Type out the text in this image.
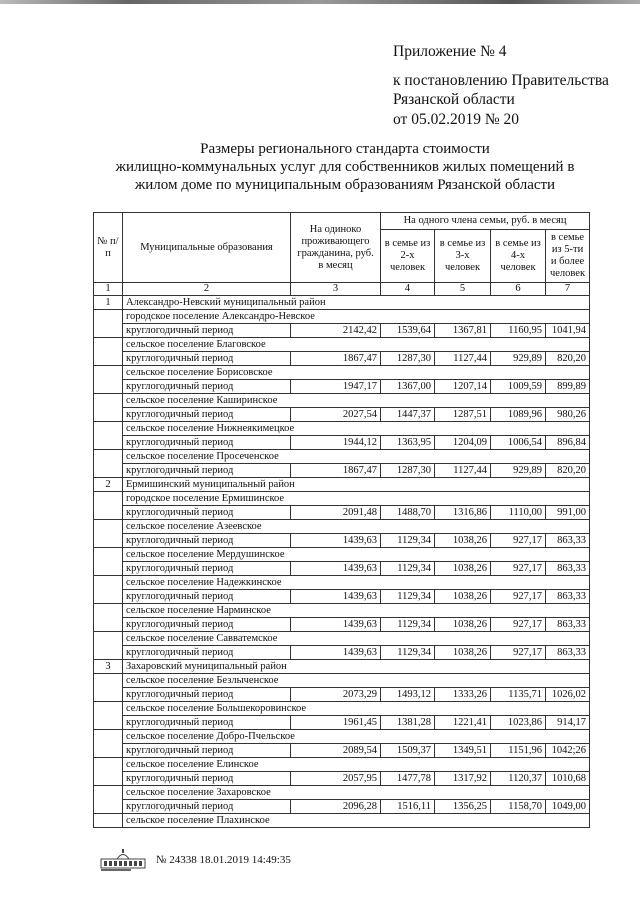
Приложение № 4
к постановлению Правительства
Рязанской области
от 05.02.2019 № 20
Размеры регионального стандарта стоимости
жилищно-коммунальных услуг для собственников жилых помещений в
жилом доме по муниципальным образованиям Рязанской области
№ п/п	Муниципальные образования	На одиноко проживающего гражданина, руб. в месяц	На одного члена семьи, руб. в месяц			
			в семье из 2-х человек	в семье из 3-х человек	в семье из 4-х человек	в семье из 5-ти и более человек
1	2	3	4	5	6	7
1	Александро-Невский муниципальный район					
	городское поселение Александро-Невское					
	круглогодичный период	2142,42	1539,64	1367,81	1160,95	1041,94
	сельское поселение Благовское					
	круглогодичный период	1867,47	1287,30	1127,44	929,89	820,20
	сельское поселение Борисовское					
	круглогодичный период	1947,17	1367,00	1207,14	1009,59	899,89
	сельское поселение Каширинское					
	круглогодичный период	2027,54	1447,37	1287,51	1089,96	980,26
	сельское поселение Нижнеякимецкое					
	круглогодичный период	1944,12	1363,95	1204,09	1006,54	896,84
	сельское поселение Просеченское					
	круглогодичный период	1867,47	1287,30	1127,44	929,89	820,20
2	Ермишинский муниципальный район					
	городское поселение Ермишинское					
	круглогодичный период	2091,48	1488,70	1316,86	1110,00	991,00
	сельское поселение Азеевское					
	круглогодичный период	1439,63	1129,34	1038,26	927,17	863,33
	сельское поселение Мердушинское					
	круглогодичный период	1439,63	1129,34	1038,26	927,17	863,33
	сельское поселение Надежкинское					
	круглогодичный период	1439,63	1129,34	1038,26	927,17	863,33
	сельское поселение Нарминское					
	круглогодичный период	1439,63	1129,34	1038,26	927,17	863,33
	сельское поселение Савватемское					
	круглогодичный период	1439,63	1129,34	1038,26	927,17	863,33
3	Захаровский муниципальный район					
	сельское поселение Безлыченское					
	круглогодичный период	2073,29	1493,12	1333,26	1135,71	1026,02
	сельское поселение Большекоровинское					
	круглогодичный период	1961,45	1381,28	1221,41	1023,86	914,17
	сельское поселение Добро-Пчельское					
	круглогодичный период	2089,54	1509,37	1349,51	1151,96	1042;26
	сельское поселение Елинское					
	круглогодичный период	2057,95	1477,78	1317,92	1120,37	1010,68
	сельское поселение Захаровское					
	круглогодичный период	2096,28	1516,11	1356,25	1158,70	1049,00
	сельское поселение Плахинское					
№ 24338 18.01.2019 14:49:35
